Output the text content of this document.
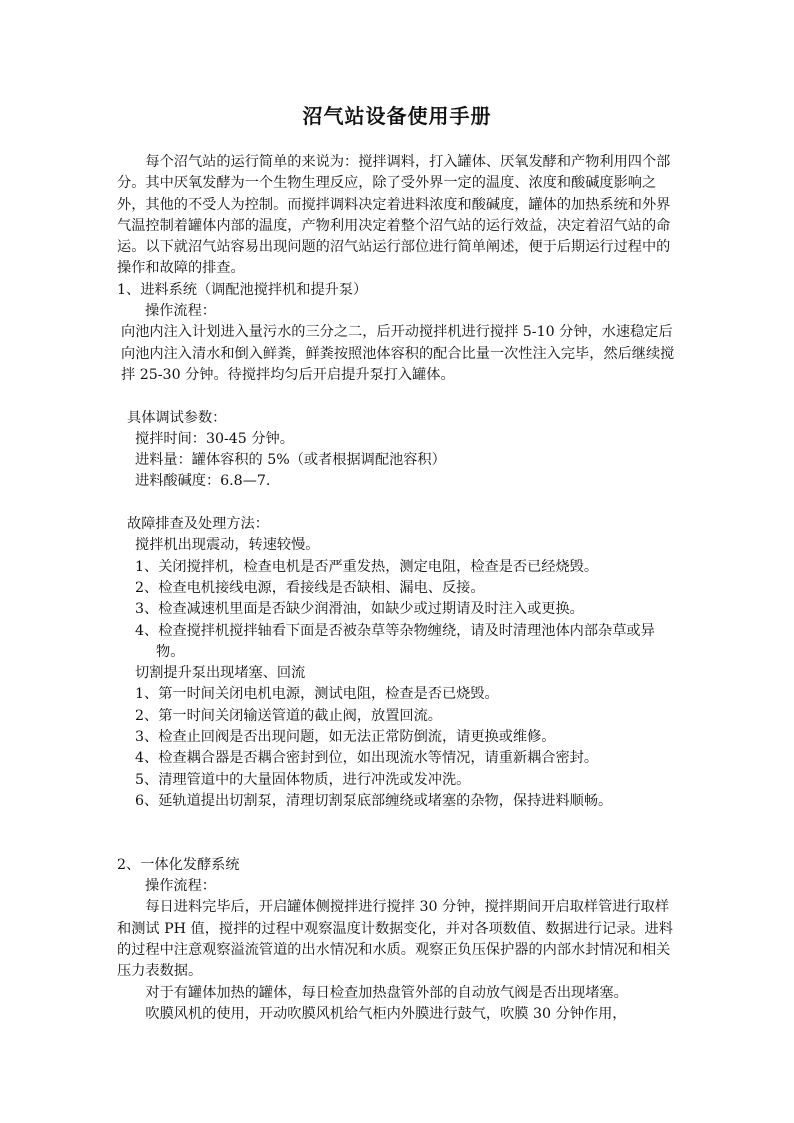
沼气站设备使用手册

每个沼气站的运行简单的来说为：搅拌调料，打入罐体、厌氧发酵和产物利用四个部分。其中厌氧发酵为一个生物生理反应，除了受外界一定的温度、浓度和酸碱度影响之外，其他的不受人为控制。而搅拌调料决定着进料浓度和酸碱度，罐体的加热系统和外界气温控制着罐体内部的温度，产物利用决定着整个沼气站的运行效益，决定着沼气站的命运。以下就沼气站容易出现问题的沼气站运行部位进行简单阐述，便于后期运行过程中的操作和故障的排查。

1、进料系统（调配池搅拌机和提升泵）

操作流程：

向池内注入计划进入量污水的三分之二，后开动搅拌机进行搅拌 5-10 分钟，水速稳定后向池内注入清水和倒入鲜粪，鲜粪按照池体容积的配合比量一次性注入完毕，然后继续搅拌 25-30 分钟。待搅拌均匀后开启提升泵打入罐体。

具体调试参数：

搅拌时间：30-45 分钟。

进料量：罐体容积的 5%（或者根据调配池容积）

进料酸碱度：6.8—7.

故障排查及处理方法：

搅拌机出现震动，转速较慢。

1、关闭搅拌机，检查电机是否严重发热，测定电阻，检查是否已经烧毁。

2、检查电机接线电源，看接线是否缺相、漏电、反接。

3、检查减速机里面是否缺少润滑油，如缺少或过期请及时注入或更换。

4、检查搅拌机搅拌轴看下面是否被杂草等杂物缠绕，请及时清理池体内部杂草或异物。

切割提升泵出现堵塞、回流

1、第一时间关闭电机电源，测试电阻，检查是否已烧毁。

2、第一时间关闭输送管道的截止阀，放置回流。

3、检查止回阀是否出现问题，如无法正常防倒流，请更换或维修。

4、检查耦合器是否耦合密封到位，如出现流水等情况，请重新耦合密封。

5、清理管道中的大量固体物质，进行冲洗或发冲洗。

6、延轨道提出切割泵，清理切割泵底部缠绕或堵塞的杂物，保持进料顺畅。

2、一体化发酵系统

操作流程：

每日进料完毕后，开启罐体侧搅拌进行搅拌 30 分钟，搅拌期间开启取样管进行取样和测试 PH 值，搅拌的过程中观察温度计数据变化，并对各项数值、数据进行记录。进料的过程中注意观察溢流管道的出水情况和水质。观察正负压保护器的内部水封情况和相关压力表数据。

对于有罐体加热的罐体，每日检查加热盘管外部的自动放气阀是否出现堵塞。

吹膜风机的使用，开动吹膜风机给气柜内外膜进行鼓气，吹膜 30 分钟作用，
